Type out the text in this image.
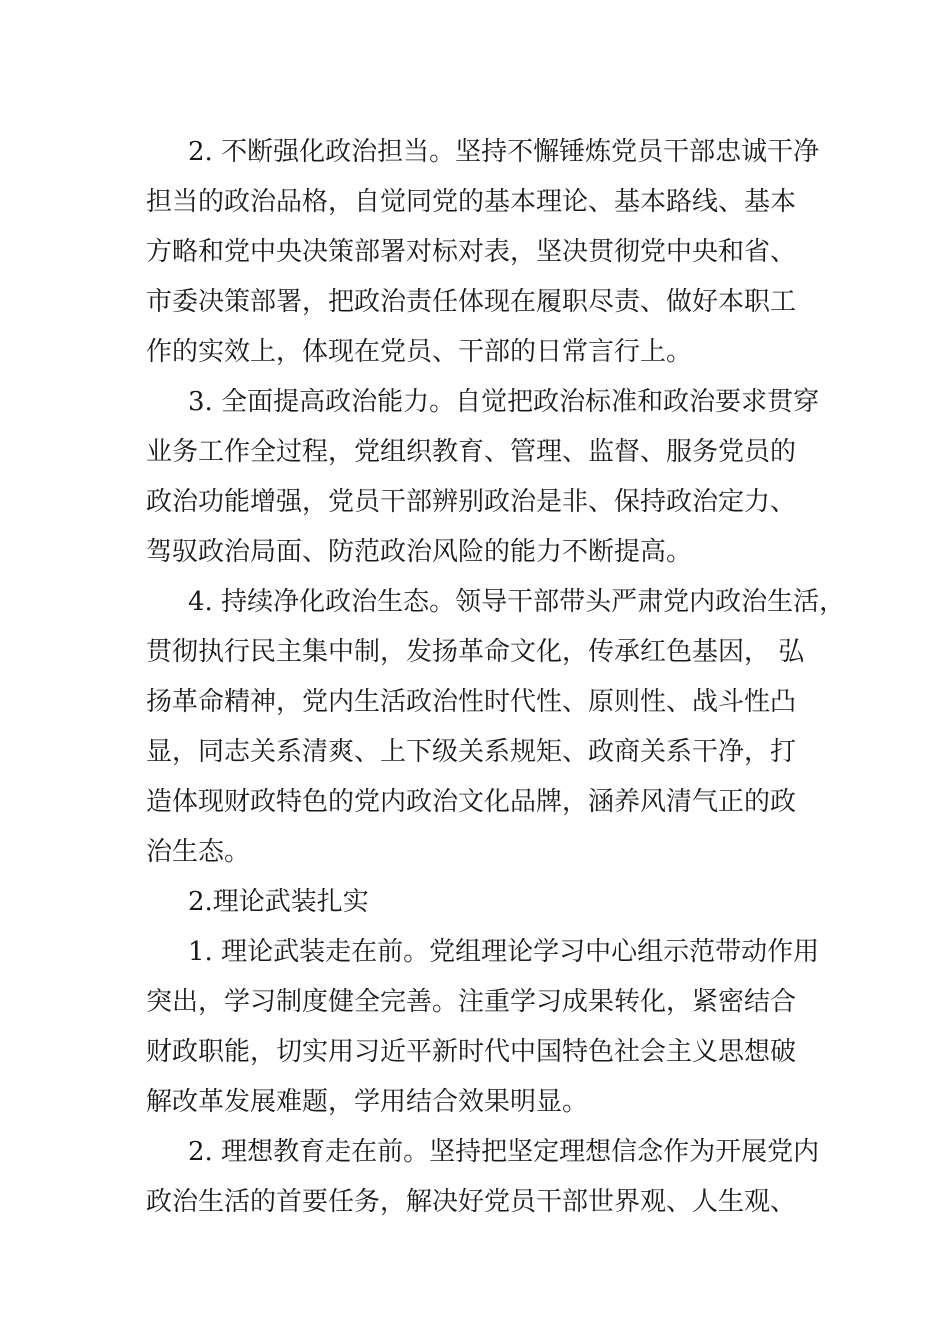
2. 不断强化政治担当。坚持不懈锤炼党员干部忠诚干净
担当的政治品格，自觉同党的基本理论、基本路线、基本
方略和党中央决策部署对标对表，坚决贯彻党中央和省、
市委决策部署，把政治责任体现在履职尽责、做好本职工
作的实效上，体现在党员、干部的日常言行上。
3. 全面提高政治能力。自觉把政治标准和政治要求贯穿
业务工作全过程，党组织教育、管理、监督、服务党员的
政治功能增强，党员干部辨别政治是非、保持政治定力、
驾驭政治局面、防范政治风险的能力不断提高。
4. 持续净化政治生态。领导干部带头严肃党内政治生活，
贯彻执行民主集中制，发扬革命文化，传承红色基因， 弘
扬革命精神，党内生活政治性时代性、原则性、战斗性凸
显，同志关系清爽、上下级关系规矩、政商关系干净，打
造体现财政特色的党内政治文化品牌，涵养风清气正的政
治生态。
2.理论武装扎实
1. 理论武装走在前。党组理论学习中心组示范带动作用
突出，学习制度健全完善。注重学习成果转化，紧密结合
财政职能，切实用习近平新时代中国特色社会主义思想破
解改革发展难题，学用结合效果明显。
2. 理想教育走在前。坚持把坚定理想信念作为开展党内
政治生活的首要任务，解决好党员干部世界观、人生观、
